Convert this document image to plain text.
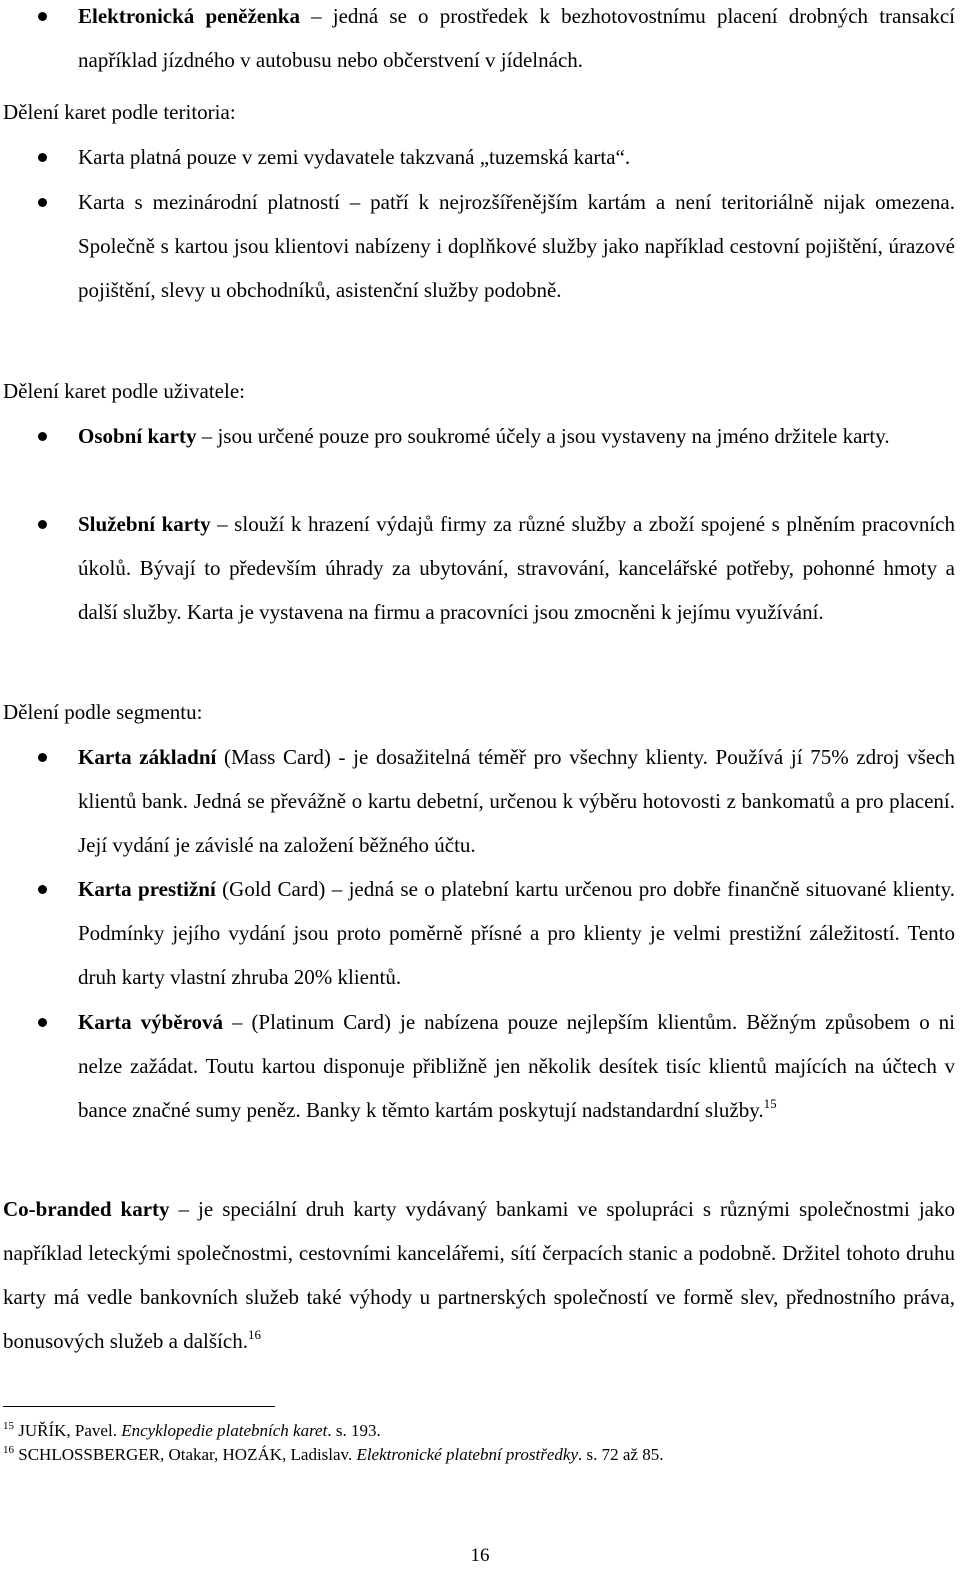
Elektronická peněženka – jedná se o prostředek k bezhotovostnímu placení drobných transakcí například jízdného v autobusu nebo občerstvení v jídelnách.

Dělení karet podle teritoria:

Karta platná pouze v zemi vydavatele takzvaná „tuzemská karta“.

Karta s mezinárodní platností – patří k nejrozšířenějším kartám a není teritoriálně nijak omezena. Společně s kartou jsou klientovi nabízeny i doplňkové služby jako například cestovní pojištění, úrazové pojištění, slevy u obchodníků, asistenční služby podobně.

Dělení karet podle uživatele:

Osobní karty – jsou určené pouze pro soukromé účely a jsou vystaveny na jméno držitele karty.

Služební karty – slouží k hrazení výdajů firmy za různé služby a zboží spojené s plněním pracovních úkolů. Bývají to především úhrady za ubytování, stravování, kancelářské potřeby, pohonné hmoty a další služby. Karta je vystavena na firmu a pracovníci jsou zmocněni k jejímu využívání.

Dělení podle segmentu:

Karta základní (Mass Card) - je dosažitelná téměř pro všechny klienty. Používá jí 75% zdroj všech klientů bank. Jedná se převážně o kartu debetní, určenou k výběru hotovosti z bankomatů a pro placení. Její vydání je závislé na založení běžného účtu.

Karta prestižní (Gold Card) – jedná se o platební kartu určenou pro dobře finančně situované klienty. Podmínky jejího vydání jsou proto poměrně přísné a pro klienty je velmi prestižní záležitostí. Tento druh karty vlastní zhruba 20% klientů.

Karta výběrová – (Platinum Card) je nabízena pouze nejlepším klientům. Běžným způsobem o ni nelze zažádat. Toutu kartou disponuje přibližně jen několik desítek tisíc klientů majících na účtech v bance značné sumy peněz. Banky k těmto kartám poskytují nadstandardní služby.$^{15}$

Co-branded karty – je speciální druh karty vydávaný bankami ve spolupráci s různými společnostmi jako například leteckými společnostmi, cestovními kancelářemi, sítí čerpacích stanic a podobně. Držitel tohoto druhu karty má vedle bankovních služeb také výhody u partnerských společností ve formě slev, přednostního práva, bonusových služeb a dalších.$^{16}$

$^{15}$ JUŘÍK, Pavel. Encyklopedie platebních karet. s. 193.

$^{16}$ SCHLOSSBERGER, Otakar, HOZÁK, Ladislav. Elektronické platební prostředky. s. 72 až 85.

16
